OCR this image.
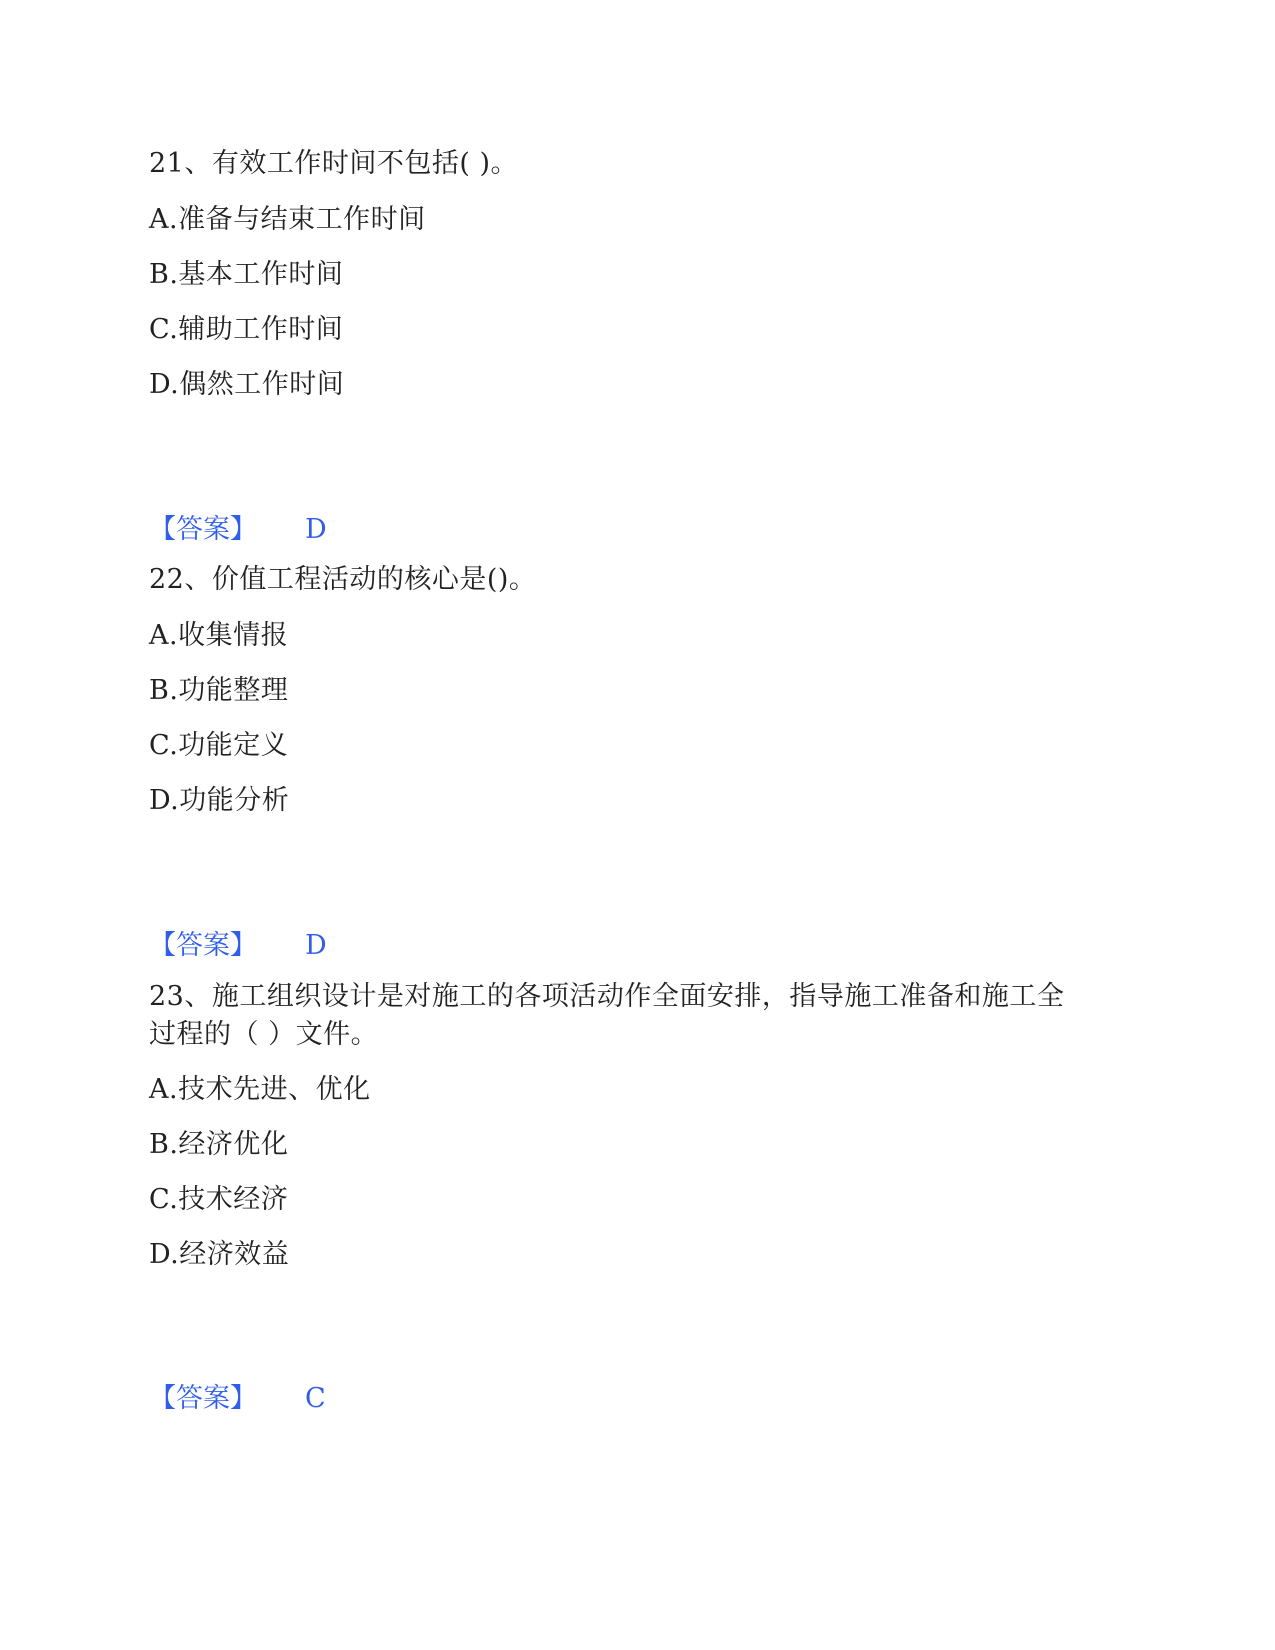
21、有效工作时间不包括( )。
A.准备与结束工作时间
B.基本工作时间
C.辅助工作时间
D.偶然工作时间
【答案】 D
22、价值工程活动的核心是()。
A.收集情报
B.功能整理
C.功能定义
D.功能分析
【答案】 D
23、施工组织设计是对施工的各项活动作全面安排，指导施工准备和施工全
过程的（ ）文件。
A.技术先进、优化
B.经济优化
C.技术经济
D.经济效益
【答案】 C
